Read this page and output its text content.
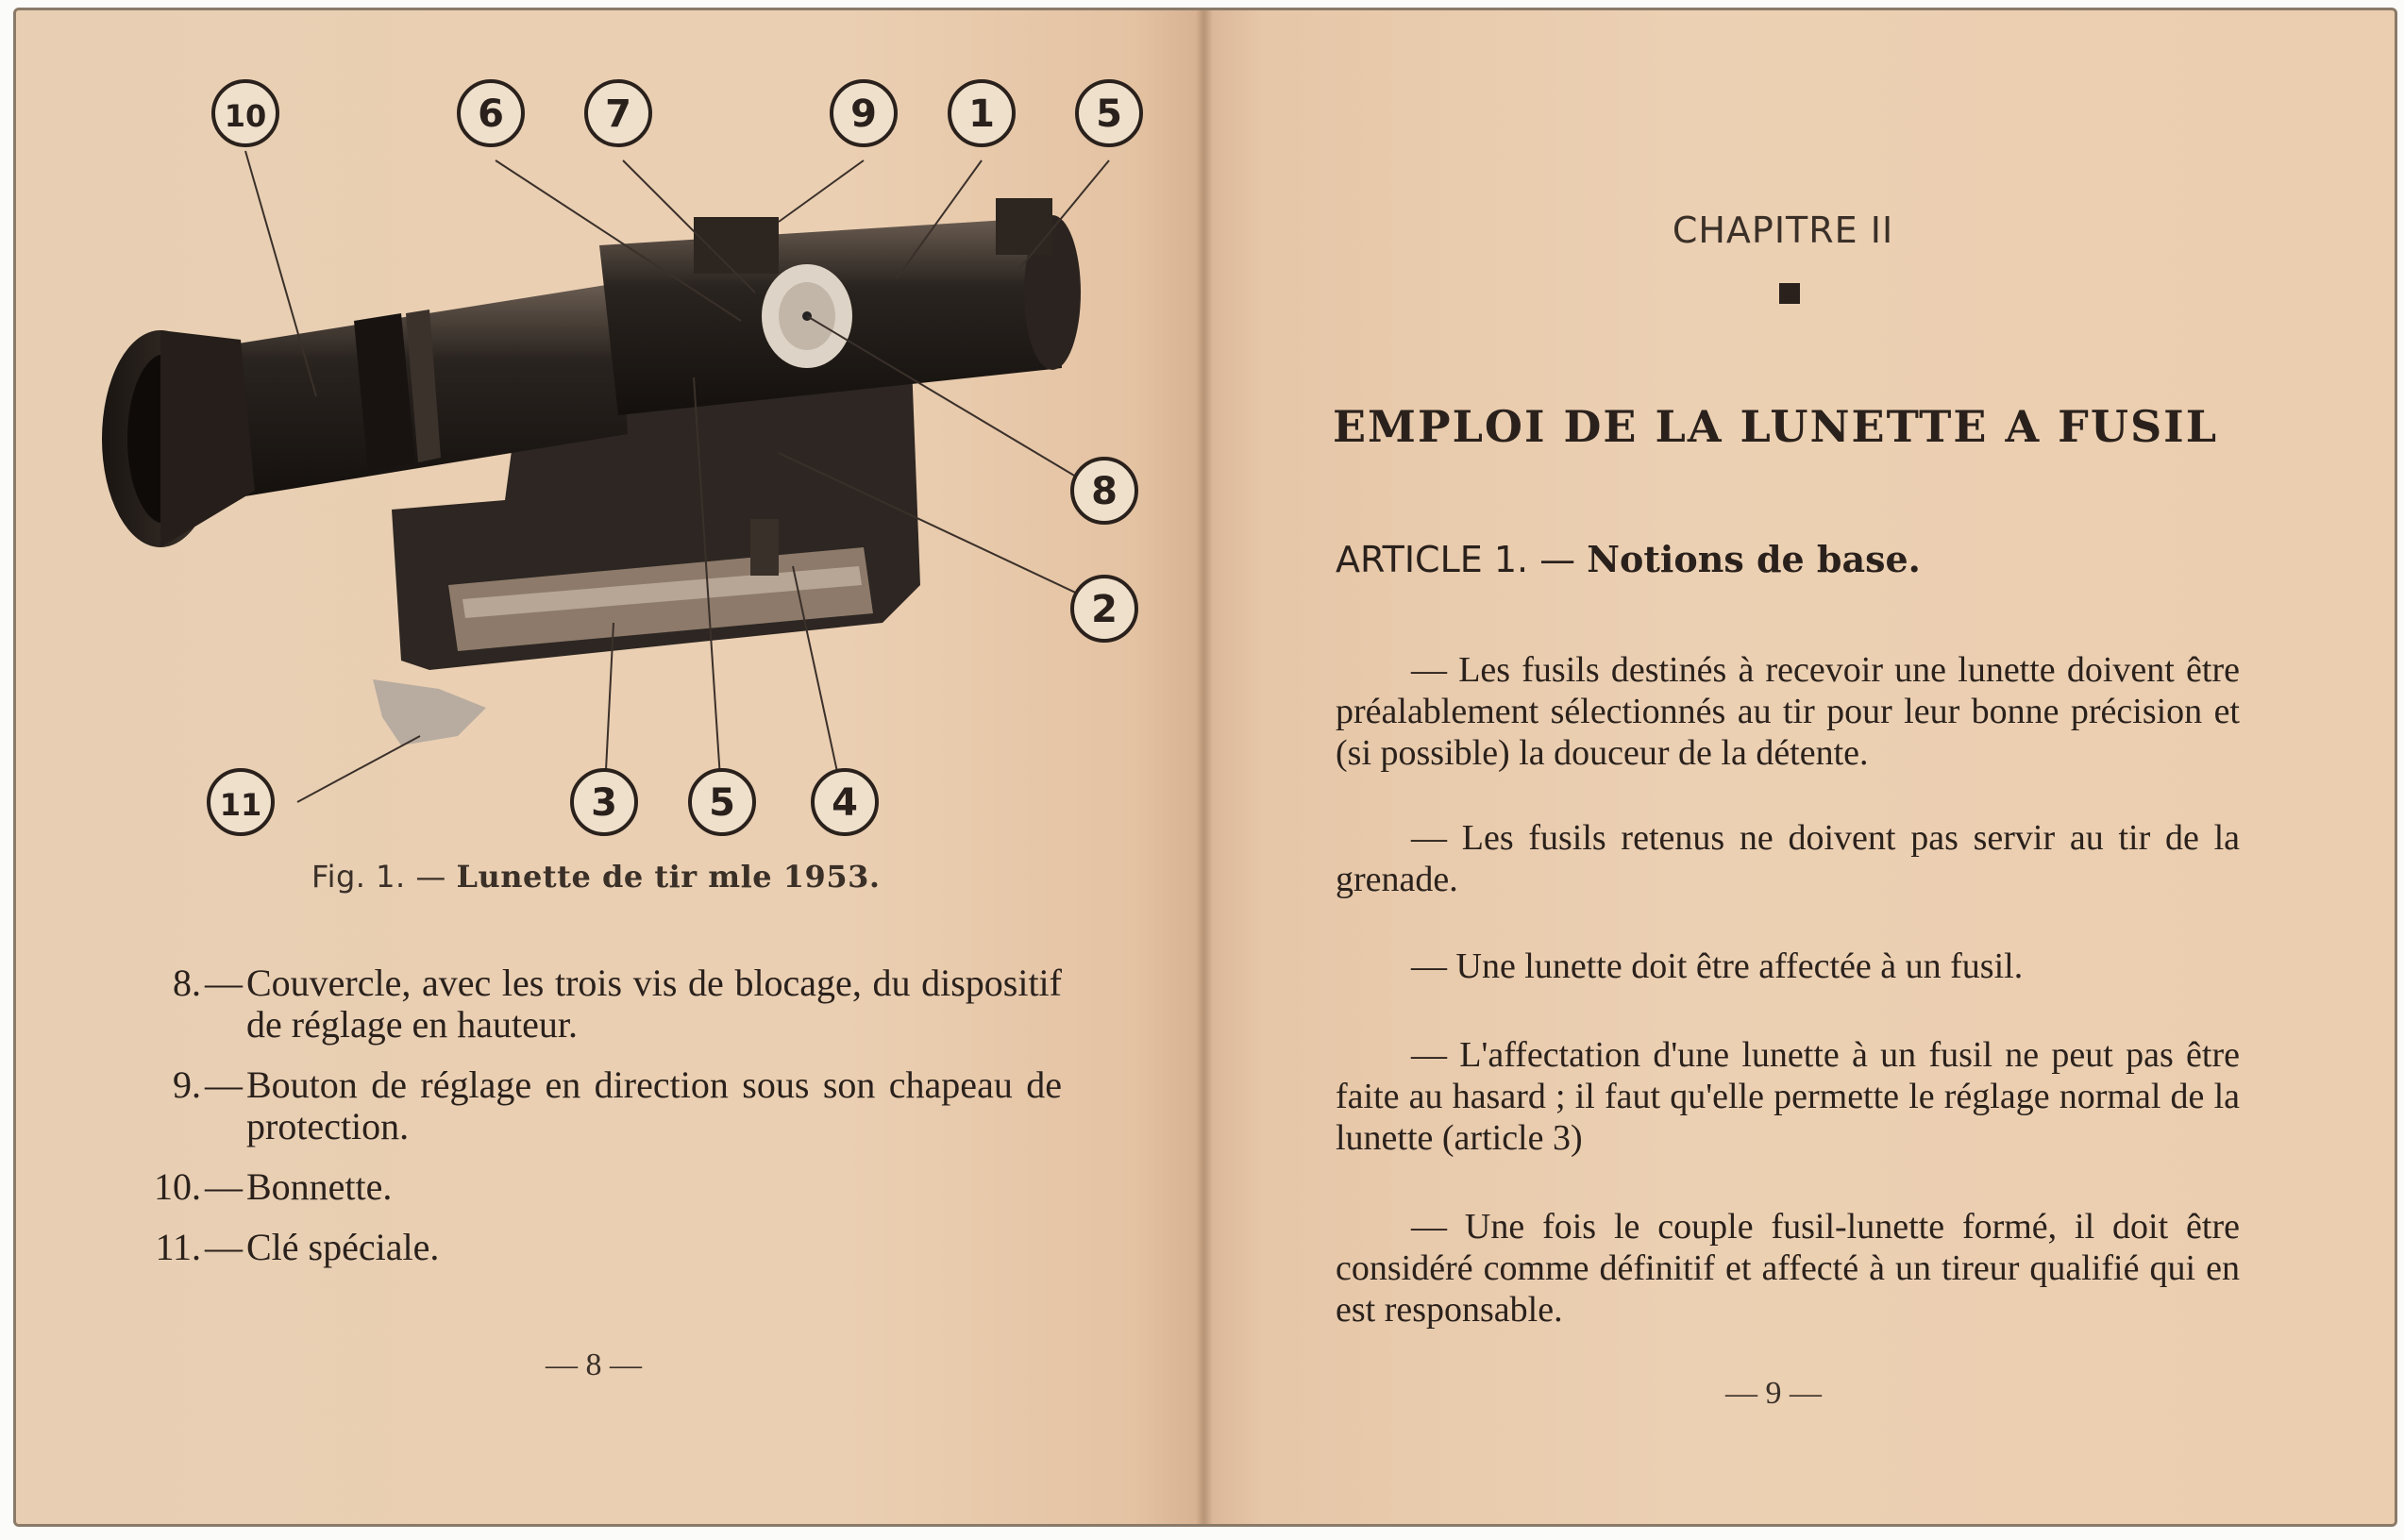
10	6	7	9 1	5
8
2
11	3 5	4
Fig. 1. — Lunette de tir mle 1953.
8. — Couvercle, avec les trois vis de blocage, du dispositif de réglage en hauteur.
9. — Bouton de réglage en direction sous son chapeau de protection.
10. — Bonnette.
11. — Clé spéciale.
— 8 —
CHAPITRE II
EMPLOI DE LA LUNETTE A FUSIL
ARTICLE 1. — Notions de base.
— Les fusils destinés à recevoir une lunette doivent être préalablement sélectionnés au tir pour leur bonne précision et (si possible) la douceur de la détente.
— Les fusils retenus ne doivent pas servir au tir de la grenade.
— Une lunette doit être affectée à un fusil.
— L'affectation d'une lunette à un fusil ne peut pas être faite au hasard ; il faut qu'elle permette le réglage normal de la lunette (article 3)
— Une fois le couple fusil-lunette formé, il doit être considéré comme définitif et affecté à un tireur qualifié qui en est responsable.
— 9 —
